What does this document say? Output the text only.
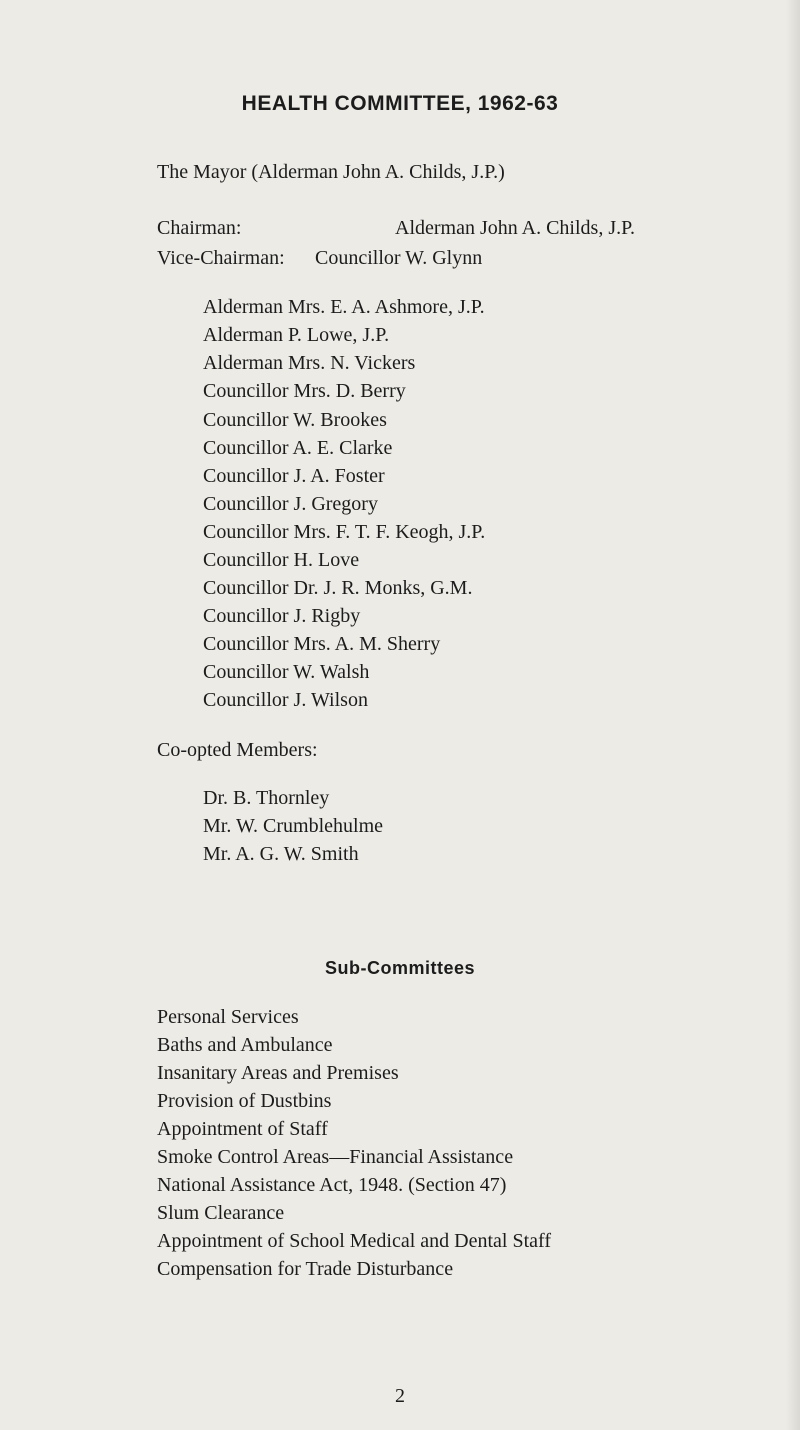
HEALTH COMMITTEE, 1962-63
The Mayor (Alderman John A. Childs, J.P.)
Chairman:	Alderman John A. Childs, J.P.
Vice-Chairman: Councillor W. Glynn
Alderman Mrs. E. A. Ashmore, J.P.
Alderman P. Lowe, J.P.
Alderman Mrs. N. Vickers
Councillor Mrs. D. Berry
Councillor W. Brookes
Councillor A. E. Clarke
Councillor J. A. Foster
Councillor J. Gregory
Councillor Mrs. F. T. F. Keogh, J.P.
Councillor H. Love
Councillor Dr. J. R. Monks, G.M.
Councillor J. Rigby
Councillor Mrs. A. M. Sherry
Councillor W. Walsh
Councillor J. Wilson
Co-opted Members:
Dr. B. Thornley
Mr. W. Crumblehulme
Mr. A. G. W. Smith
Sub-Committees
Personal Services
Baths and Ambulance
Insanitary Areas and Premises
Provision of Dustbins
Appointment of Staff
Smoke Control Areas—Financial Assistance
National Assistance Act, 1948. (Section 47)
Slum Clearance
Appointment of School Medical and Dental Staff
Compensation for Trade Disturbance
2
